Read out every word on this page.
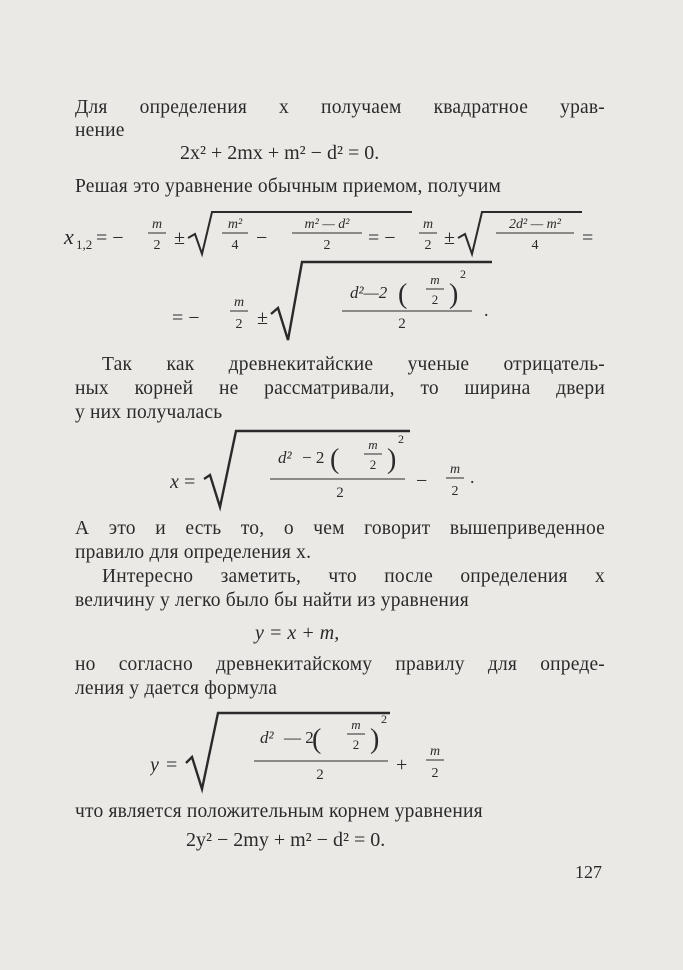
Для определения x получаем квадратное урав-
нение
2x² + 2mx + m² − d² = 0.
Решая это уравнение обычным приемом, получим
x 1,2 = −
m
2 ±
m²
4 −
m² — d²
2 = −
m
2 ±
2d² — m²
4 =
= −
m
2 ±
d²—2 ( m
2 )
2
2
.
Так как древнекитайские ученые отрицатель-
ных корней не рассматривали, то ширина двери
у них получалась
x =
d² − 2 ( m
2 )
2
2
−
m
2
.
А это и есть то, о чем говорит вышеприведенное
правило для определения x.
Интересно заметить, что после определения x
величину y легко было бы найти из уравнения
y = x + m,
но согласно древнекитайскому правилу для опреде-
ления y дается формула
y =
d² — 2
( m
2 )
2
2	+
m
2
что является положительным корнем уравнения
2y² − 2my + m² − d² = 0.
127
